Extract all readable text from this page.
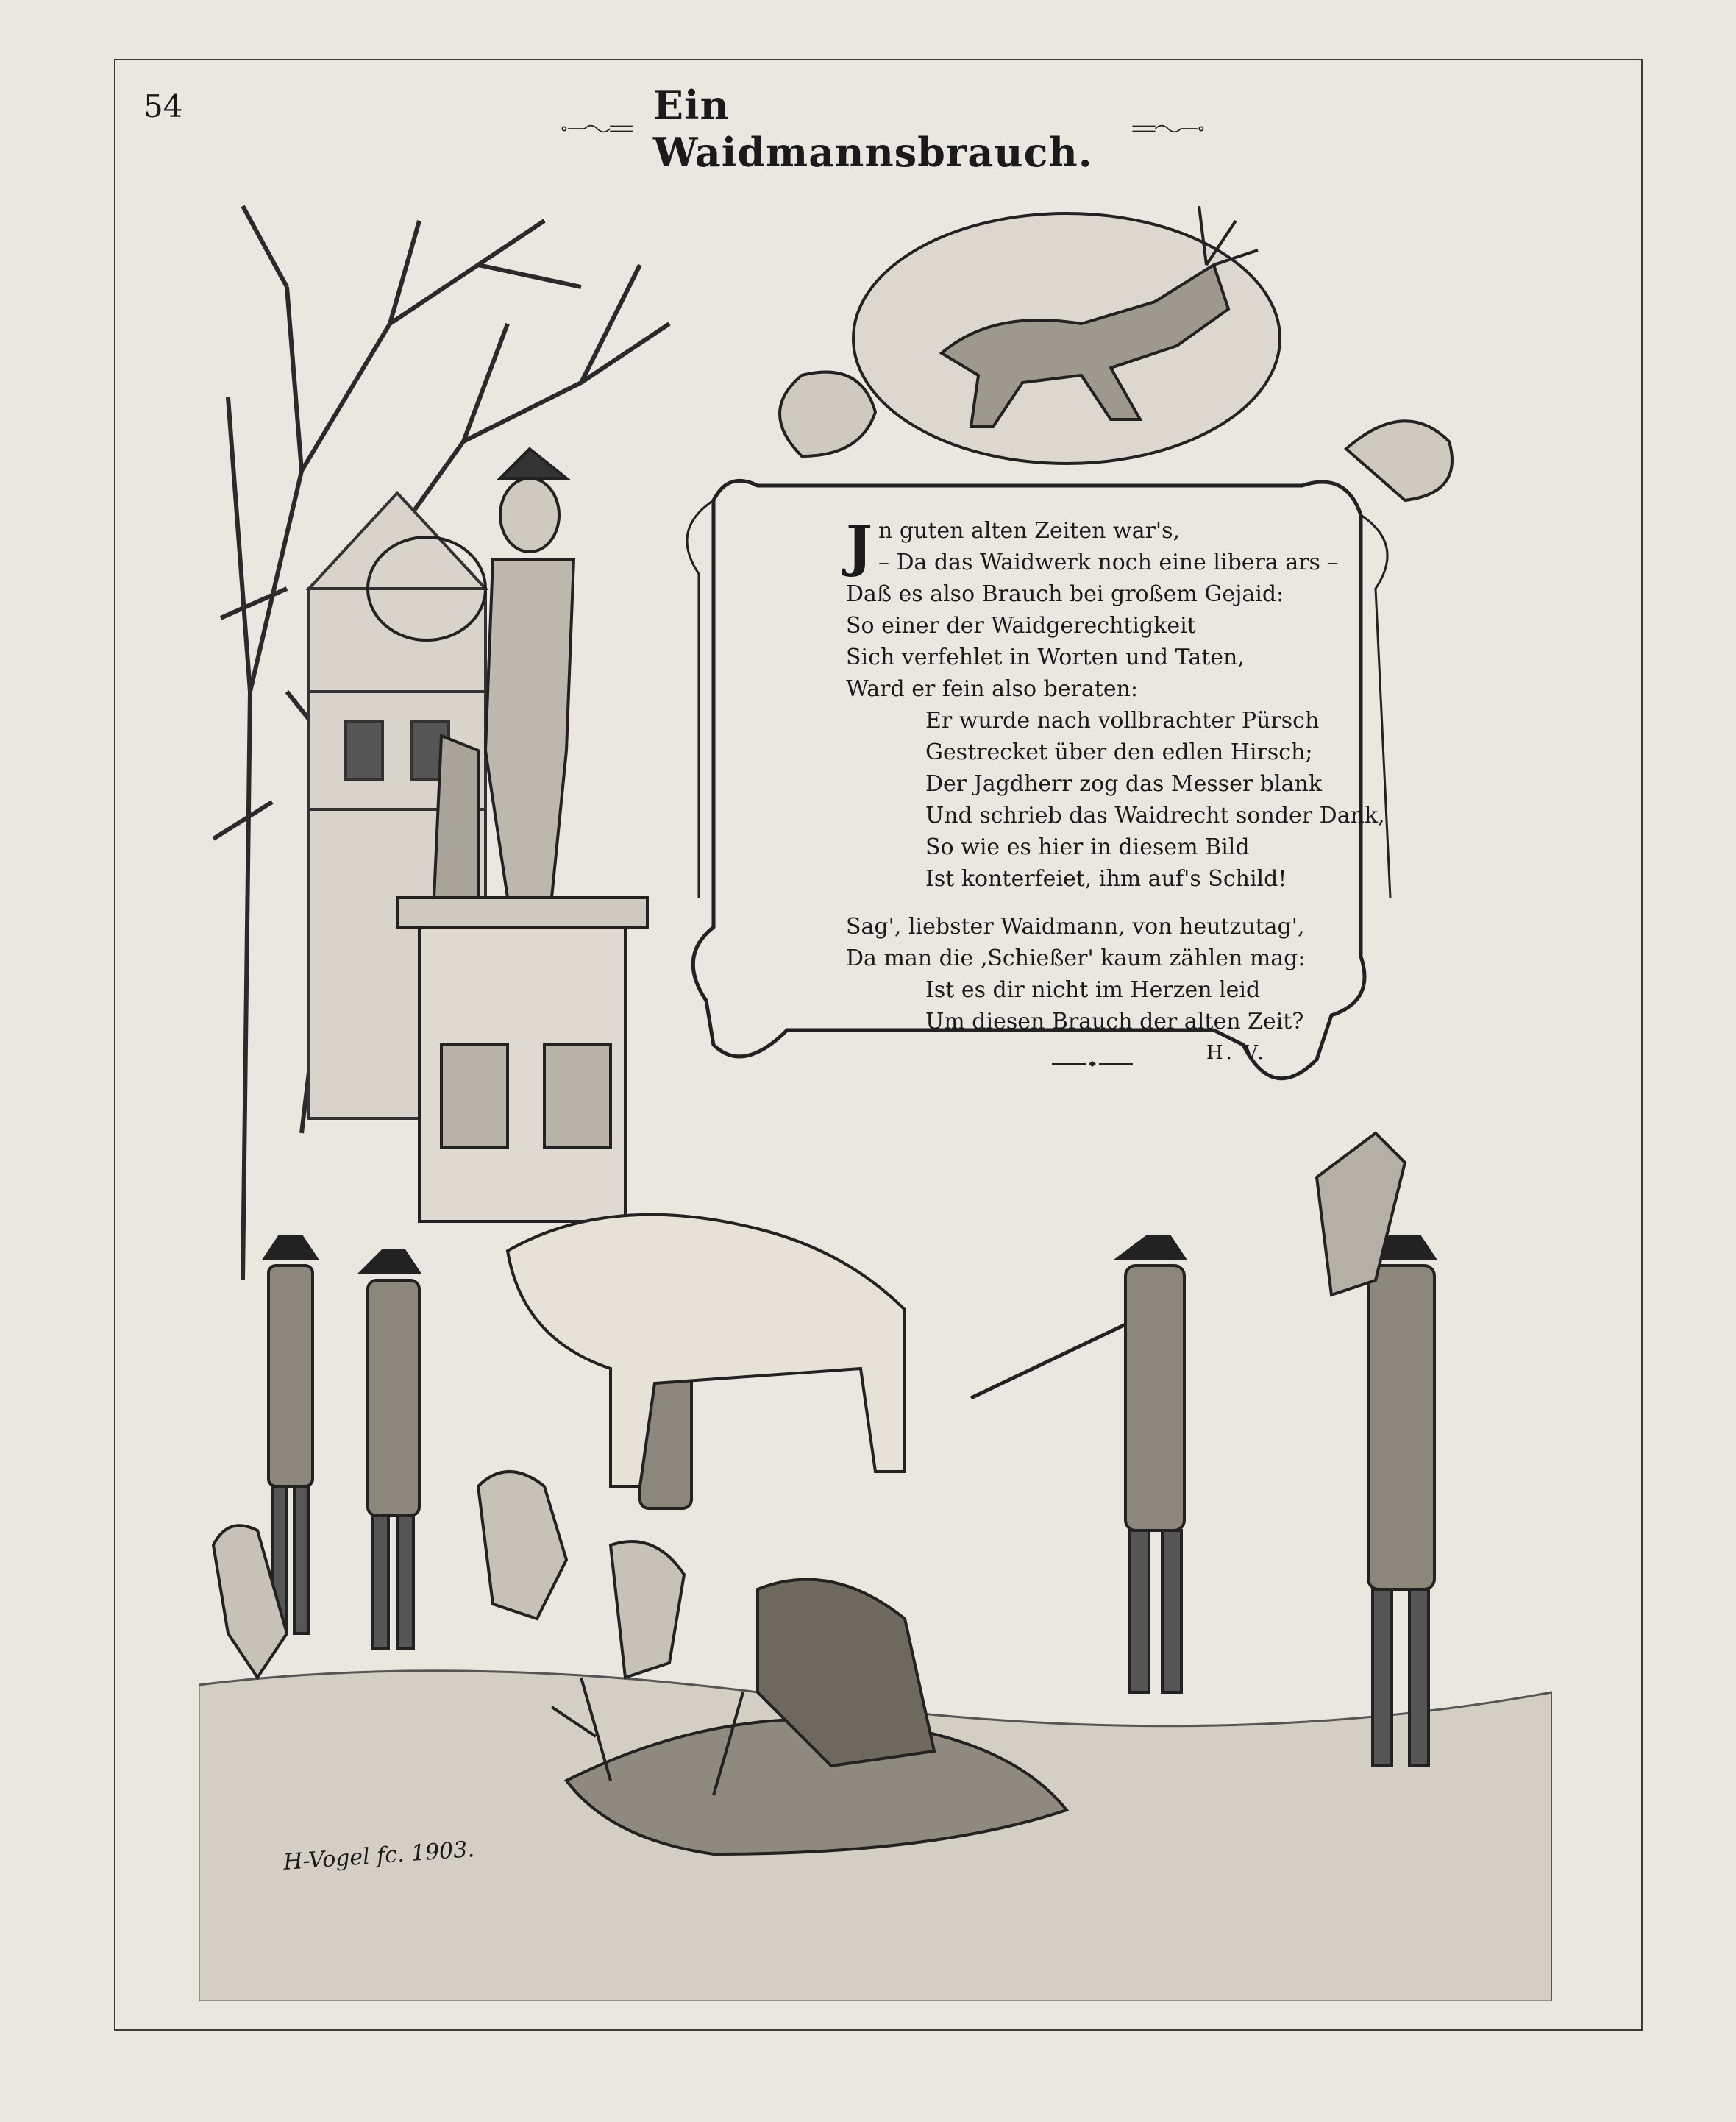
54	Ein Waidmannsbrauch.
J n guten alten Zeiten war's,
– Da das Waidwerk noch eine libera ars –
Daß es also Brauch bei großem Gejaid:
So einer der Waidgerechtigkeit
Sich verfehlet in Worten und Taten,
Ward er fein also beraten:
Er wurde nach vollbrachter Pürsch
Gestrecket über den edlen Hirsch;
Der Jagdherr zog das Messer blank
Und schrieb das Waidrecht sonder Dank,
So wie es hier in diesem Bild
Ist konterfeiet, ihm auf's Schild!
Sag', liebster Waidmann, von heutzutag',
Da man die ‚Schießer' kaum zählen mag:
Ist es dir nicht im Herzen leid
Um diesen Brauch der alten Zeit?
H. V.
H-Vogel fc. 1903.
